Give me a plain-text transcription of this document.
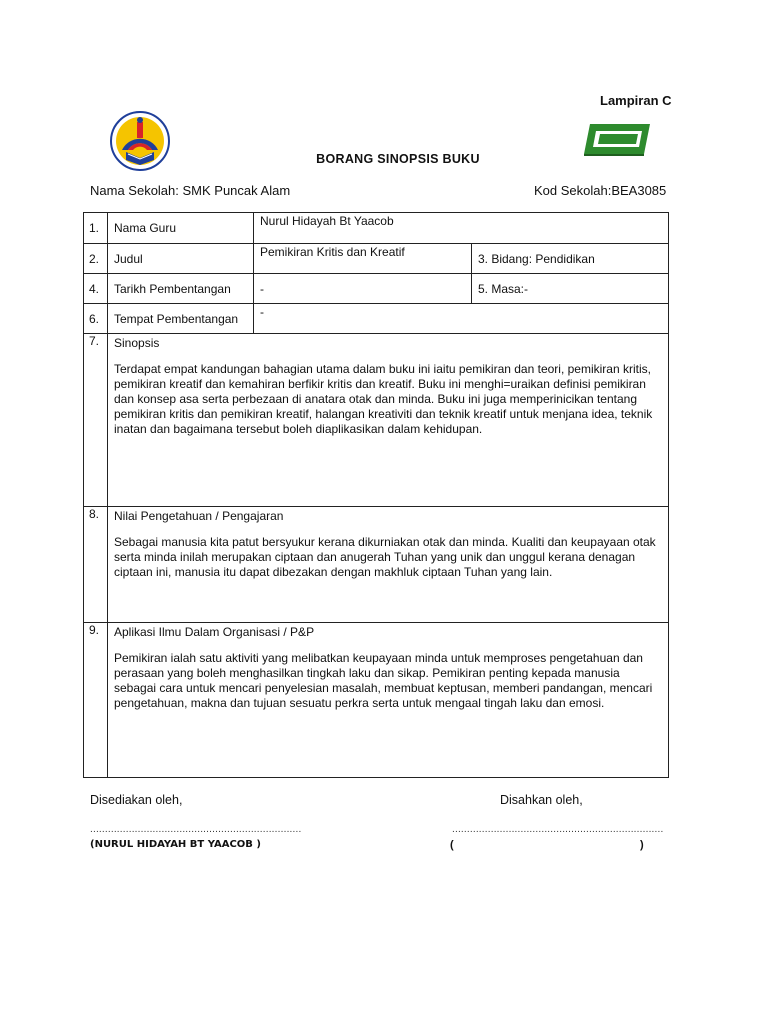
Lampiran C
BORANG SINOPSIS BUKU
Nama Sekolah: SMK Puncak Alam	Kod Sekolah:BEA3085
1.	Nama Guru	Nurul Hidayah Bt Yaacob	
2.	Judul	Pemikiran Kritis dan Kreatif	3. Bidang: Pendidikan
4.	Tarikh Pembentangan	-	5. Masa:-
6.	Tempat Pembentangan	-	
7.	Sinopsis

Terdapat empat kandungan bahagian utama dalam buku ini iaitu pemikiran dan teori, pemikiran kritis, pemikiran kreatif dan kemahiran berfikir kritis dan kreatif. Buku ini menghi=uraikan definisi pemikiran dan konsep asa serta perbezaan di anatara otak dan minda. Buku ini juga memperinicikan tentang pemikiran kritis dan pemikiran kreatif, halangan kreativiti dan teknik kreatif untuk menjana idea, teknik inatan dan bagaimana tersebut boleh diaplikasikan dalam kehidupan.		

8.	Nilai Pengetahuan / Pengajaran

Sebagai manusia kita patut bersyukur kerana dikurniakan otak dan minda. Kualiti dan keupayaan otak serta minda inilah merupakan ciptaan dan anugerah Tuhan yang unik dan unggul kerana denagan ciptaan ini, manusia itu dapat dibezakan dengan makhluk ciptaan Tuhan yang lain.		

9.	Aplikasi Ilmu Dalam Organisasi / P&P

Pemikiran ialah satu aktiviti yang melibatkan keupayaan minda untuk memproses pengetahuan dan perasaan yang boleh menghasilkan tingkah laku dan sikap. Pemikiran penting kepada manusia sebagai cara untuk mencari penyelesian masalah, membuat keptusan, memberi pandangan, mencari pengetahuan, makna dan tujuan sesuatu perkra serta untuk mengaal tingah laku dan emosi.		

Disediakan oleh,	Disahkan oleh,
.......................................................................	.......................................................................
(NURUL HIDAYAH BT YAACOB )	(	)
